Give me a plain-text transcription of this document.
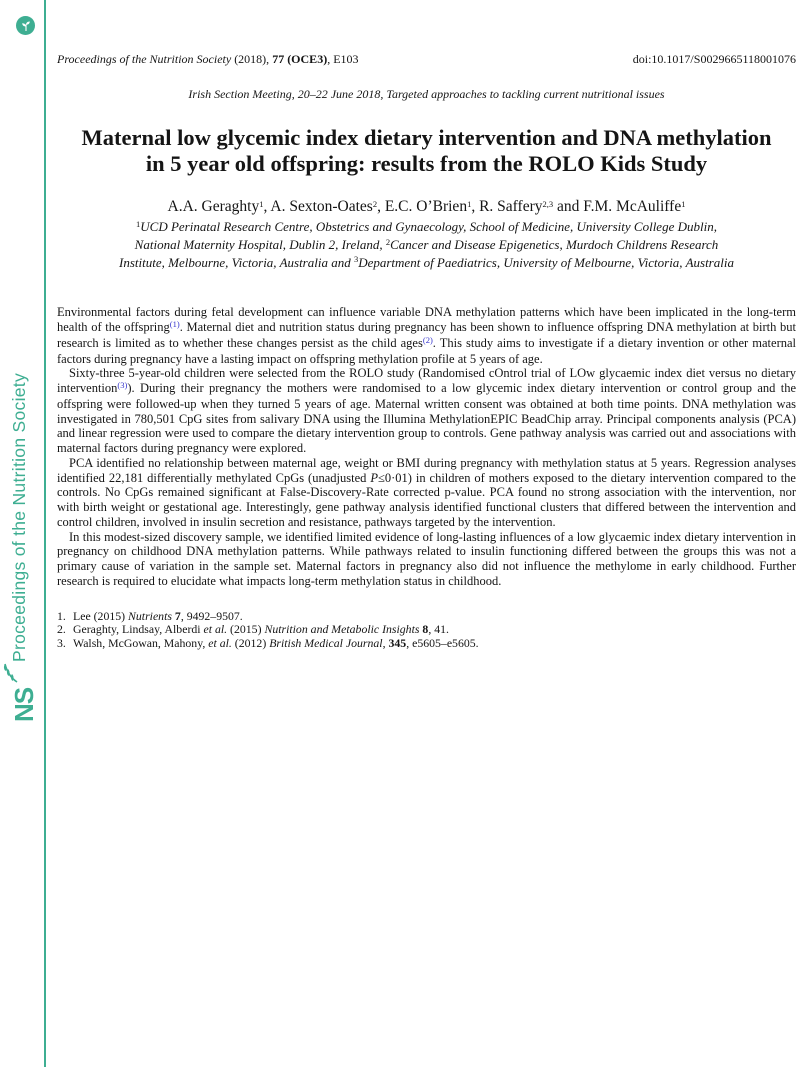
Proceedings of the Nutrition Society
NS
Proceedings of the Nutrition Society (2018), 77 (OCE3), E103	doi:10.1017/S0029665118001076
Irish Section Meeting, 20–22 June 2018, Targeted approaches to tackling current nutritional issues
Maternal low glycemic index dietary intervention and DNA methylation
in 5 year old offspring: results from the ROLO Kids Study
A.A. Geraghty$^1$, A. Sexton-Oates$^2$, E.C. O’Brien$^1$, R. Saffery$^{2,3}$ and F.M. McAuliffe$^1$
$^1$UCD Perinatal Research Centre, Obstetrics and Gynaecology, School of Medicine, University College Dublin,
National Maternity Hospital, Dublin 2, Ireland, $^2$Cancer and Disease Epigenetics, Murdoch Childrens Research
Institute, Melbourne, Victoria, Australia and $^3$Department of Paediatrics, University of Melbourne, Victoria, Australia

Environmental factors during fetal development can influence variable DNA methylation patterns which have been implicated in the long-term health of the offspring$^{(1)}$. Maternal diet and nutrition status during pregnancy has been shown to influence offspring DNA methylation at birth but research is limited as to whether these changes persist as the child ages$^{(2)}$. This study aims to investigate if a dietary invention or other maternal factors during pregnancy have a lasting impact on offspring methylation profile at 5 years of age.

Sixty-three 5-year-old children were selected from the ROLO study (Randomised cOntrol trial of LOw glycaemic index diet versus no dietary intervention$^{(3)}$). During their pregnancy the mothers were randomised to a low glycemic index dietary intervention or control group and the offspring were followed-up when they turned 5 years of age. Maternal written consent was obtained at both time points. DNA methylation was investigated in 780,501 CpG sites from salivary DNA using the Illumina MethylationEPIC BeadChip array. Principal components analysis (PCA) and linear regression were used to compare the dietary intervention group to controls. Gene pathway analysis was carried out and associations with maternal factors during pregnancy were explored.

PCA identified no relationship between maternal age, weight or BMI during pregnancy with methylation status at 5 years. Regression analyses identified 22,181 differentially methylated CpGs (unadjusted P≤0·01) in children of mothers exposed to the dietary intervention compared to the controls. No CpGs remained significant at False-Discovery-Rate corrected p-value. PCA found no strong association with the intervention, nor with birth weight or gestational age. Interestingly, gene pathway analysis identified functional clusters that differed between the intervention and control children, involved in insulin secretion and resistance, pathways targeted by the intervention.

In this modest-sized discovery sample, we identified limited evidence of long-lasting influences of a low glycaemic index dietary intervention in pregnancy on childhood DNA methylation patterns. While pathways related to insulin functioning differed between the groups this was not a primary cause of variation in the sample set. Maternal factors in pregnancy also did not influence the methylome in early childhood. Further research is required to elucidate what impacts long-term methylation status in childhood.

1. Lee (2015) Nutrients 7, 9492–9507.
2. Geraghty, Lindsay, Alberdi et al. (2015) Nutrition and Metabolic Insights 8, 41.
3. Walsh, McGowan, Mahony, et al. (2012) British Medical Journal, 345, e5605–e5605.
